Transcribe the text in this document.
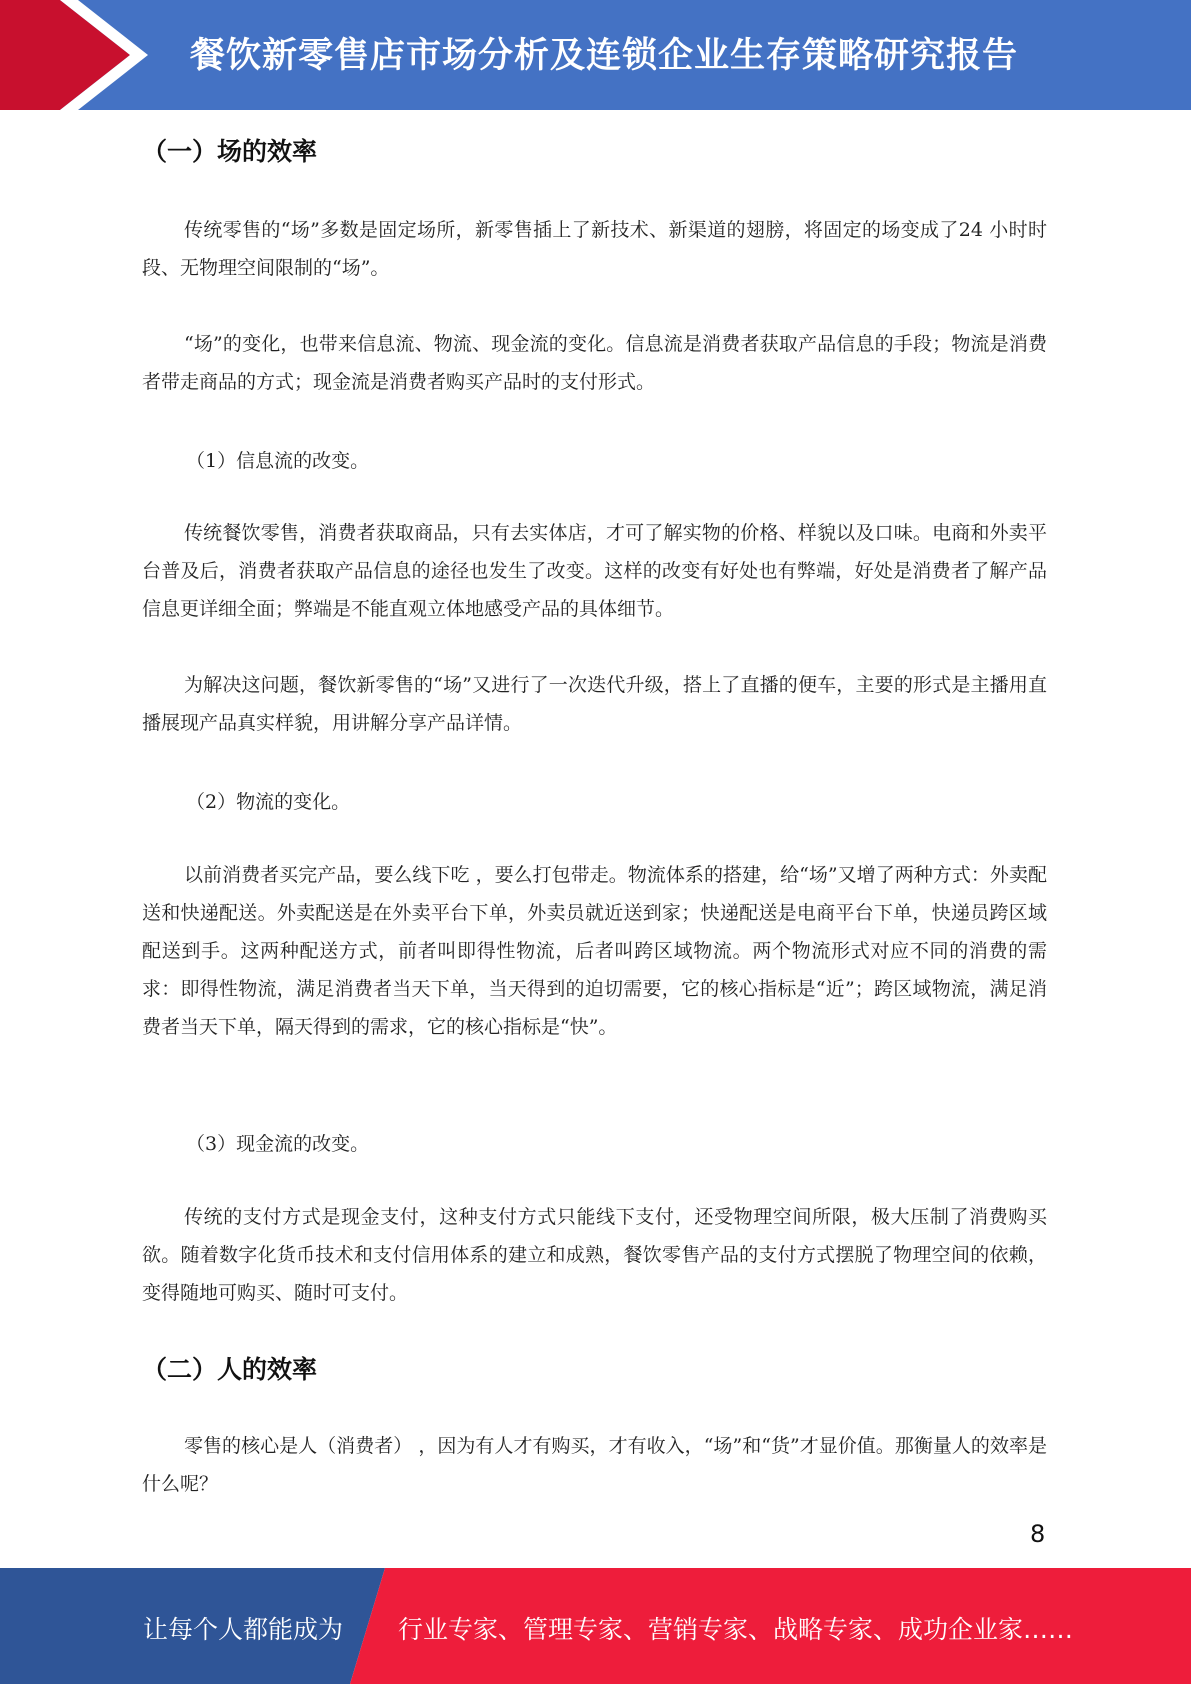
餐饮新零售店市场分析及连锁企业生存策略研究报告
（一）场的效率

传统零售的“场”多数是固定场所，新零售插上了新技术、新渠道的翅膀，将固定的场变成了24 小时时段、无物理空间限制的“场”。

“场”的变化，也带来信息流、物流、现金流的变化。信息流是消费者获取产品信息的手段；物流是消费者带走商品的方式；现金流是消费者购买产品时的支付形式。

（1）信息流的改变。

传统餐饮零售，消费者获取商品，只有去实体店，才可了解实物的价格、样貌以及口味。电商和外卖平台普及后，消费者获取产品信息的途径也发生了改变。这样的改变有好处也有弊端，好处是消费者了解产品信息更详细全面；弊端是不能直观立体地感受产品的具体细节。

为解决这问题，餐饮新零售的“场”又进行了一次迭代升级，搭上了直播的便车，主要的形式是主播用直播展现产品真实样貌，用讲解分享产品详情。

（2）物流的变化。

以前消费者买完产品，要么线下吃 ，要么打包带走。物流体系的搭建，给“场”又增了两种方式：外卖配送和快递配送。外卖配送是在外卖平台下单，外卖员就近送到家；快递配送是电商平台下单，快递员跨区域配送到手。这两种配送方式，前者叫即得性物流，后者叫跨区域物流。两个物流形式对应不同的消费的需求：即得性物流，满足消费者当天下单，当天得到的迫切需要，它的核心指标是“近”；跨区域物流，满足消费者当天下单，隔天得到的需求，它的核心指标是“快”。

（3）现金流的改变。

传统的支付方式是现金支付，这种支付方式只能线下支付，还受物理空间所限，极大压制了消费购买欲。随着数字化货币技术和支付信用体系的建立和成熟，餐饮零售产品的支付方式摆脱了物理空间的依赖，变得随地可购买、随时可支付。

（二）人的效率

零售的核心是人（消费者） ，因为有人才有购买，才有收入，“场”和“货”才显价值。那衡量人的效率是什么呢？

8
让每个人都能成为 行业专家、管理专家、营销专家、战略专家、成功企业家……
